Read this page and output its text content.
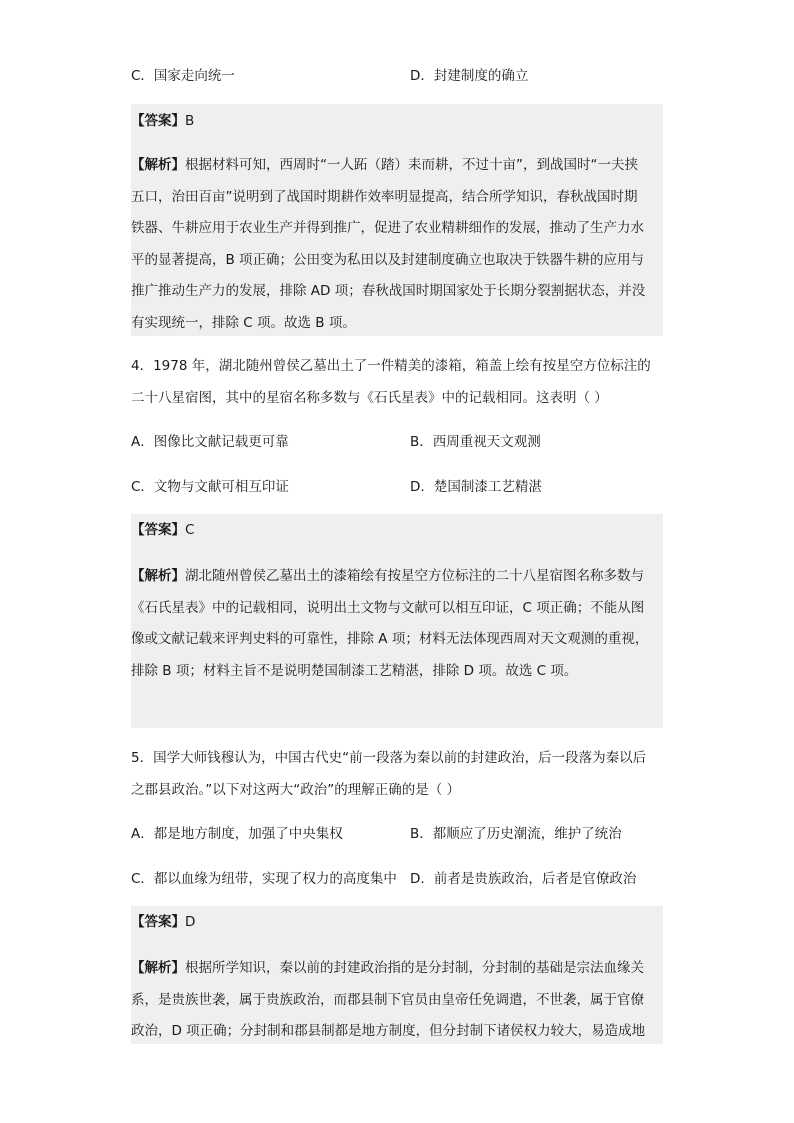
C．国家走向统一	D．封建制度的确立
【答案】B
【解析】根据材料可知，西周时“一人跖（踏）耒而耕，不过十亩”，到战国时“一夫挟
五口，治田百亩”说明到了战国时期耕作效率明显提高，结合所学知识，春秋战国时期
铁器、牛耕应用于农业生产并得到推广，促进了农业精耕细作的发展，推动了生产力水
平的显著提高，B 项正确；公田变为私田以及封建制度确立也取决于铁器牛耕的应用与
推广推动生产力的发展，排除 AD 项；春秋战国时期国家处于长期分裂割据状态，并没
有实现统一，排除 C 项。故选 B 项。
4．1978 年，湖北随州曾侯乙墓出土了一件精美的漆箱，箱盖上绘有按星空方位标注的
二十八星宿图，其中的星宿名称多数与《石氏星表》中的记载相同。这表明（ ）
A．图像比文献记载更可靠	B．西周重视天文观测
C．文物与文献可相互印证	D．楚国制漆工艺精湛
【答案】C
【解析】湖北随州曾侯乙墓出土的漆箱绘有按星空方位标注的二十八星宿图名称多数与
《石氏星表》中的记载相同，说明出土文物与文献可以相互印证，C 项正确；不能从图
像或文献记载来评判史料的可靠性，排除 A 项；材料无法体现西周对天文观测的重视，
排除 B 项；材料主旨不是说明楚国制漆工艺精湛，排除 D 项。故选 C 项。
5．国学大师钱穆认为，中国古代史“前一段落为秦以前的封建政治，后一段落为秦以后
之郡县政治。”以下对这两大“政治”的理解正确的是（ ）
A．都是地方制度，加强了中央集权	B．都顺应了历史潮流，维护了统治
C．都以血缘为纽带，实现了权力的高度集中 D．前者是贵族政治，后者是官僚政治
【答案】D
【解析】根据所学知识，秦以前的封建政治指的是分封制，分封制的基础是宗法血缘关
系，是贵族世袭，属于贵族政治，而郡县制下官员由皇帝任免调遣，不世袭，属于官僚
政治，D 项正确；分封制和郡县制都是地方制度，但分封制下诸侯权力较大，易造成地
